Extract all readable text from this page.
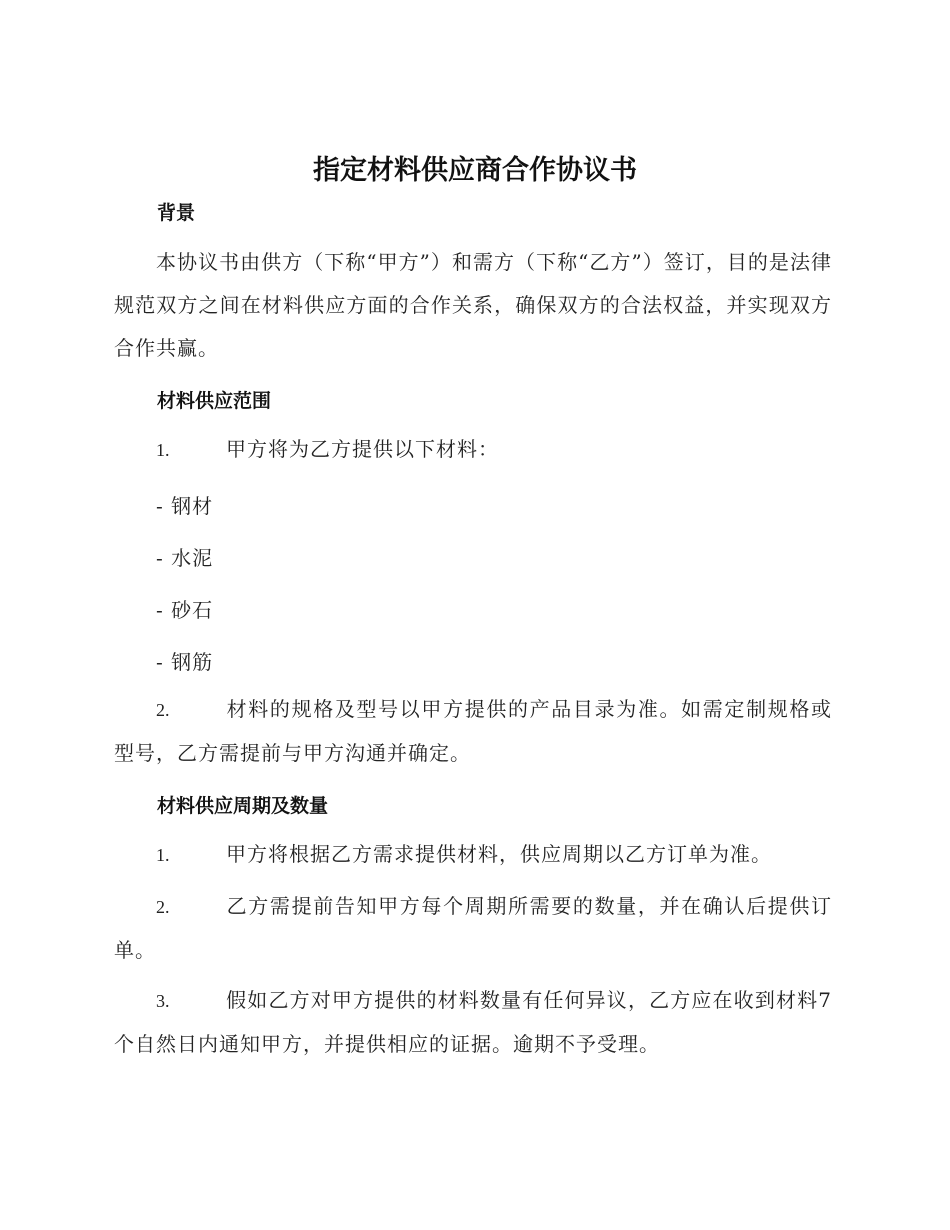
指定材料供应商合作协议书
背景
本协议书由供方（下称“甲方”）和需方（下称“乙方”）签订，目的是法律规范双方之间在材料供应方面的合作关系，确保双方的合法权益，并实现双方合作共赢。
材料供应范围
1.	甲方将为乙方提供以下材料：
- 钢材
- 水泥
- 砂石
- 钢筋
2.	材料的规格及型号以甲方提供的产品目录为准。如需定制规格或型号，乙方需提前与甲方沟通并确定。
材料供应周期及数量
1.	甲方将根据乙方需求提供材料，供应周期以乙方订单为准。
2.	乙方需提前告知甲方每个周期所需要的数量，并在确认后提供订单。
3.	假如乙方对甲方提供的材料数量有任何异议，乙方应在收到材料7个自然日内通知甲方，并提供相应的证据。逾期不予受理。
